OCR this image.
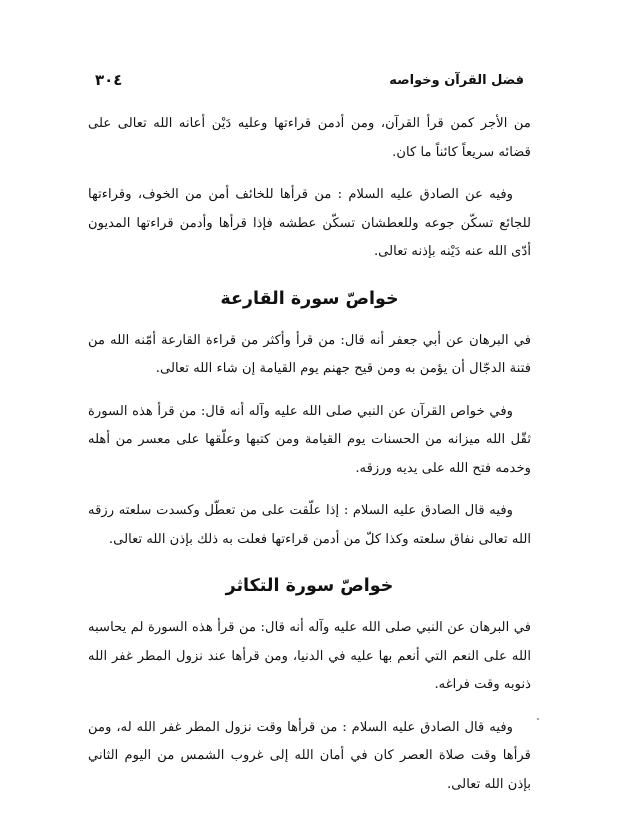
٣٠٤	فضل القرآن وخواصه

من الأجر كمن قرأ القرآن، ومن أدمن قراءتها وعليه دَيْن أعانه الله تعالى على قضائه سريعاً كائناً ما كان.

وفيه عن الصادق عليه السلام : من قرأها للخائف أمن من الخوف، وقراءتها للجائع تسكّن جوعه وللعطشان تسكّن عطشه فإذا قرأها وأدمن قراءتها المديون أدّى الله عنه دَيْنه بإذنه تعالى.

خواصّ سورة القارعة

في البرهان عن أبي جعفر أنه قال: من قرأ وأكثر من قراءة القارعة أمّنه الله من فتنة الدجّال أن يؤمن به ومن قيح جهنم يوم القيامة إن شاء الله تعالى.

وفي خواص القرآن عن النبي صلى الله عليه وآله أنه قال: من قرأ هذه السورة ثقّل الله ميزانه من الحسنات يوم القيامة ومن كتبها وعلّقها على معسر من أهله وخدمه فتح الله على يديه ورزقه.

وفيه قال الصادق عليه السلام : إذا علّقت على من تعطّل وكسدت سلعته رزقه الله تعالى نفاق سلعته وكذا كلّ من أدمن قراءتها فعلت به ذلك بإذن الله تعالى.

خواصّ سورة التكاثر

في البرهان عن النبي صلى الله عليه وآله أنه قال: من قرأ هذه السورة لم يحاسبه الله على النعم التي أنعم بها عليه في الدنيا، ومن قرأها عند نزول المطر غفر الله ذنوبه وقت فراغه.

وفيه قال الصادق عليه السلام : من قرأها وقت نزول المطر غفر الله له، ومن قرأها وقت صلاة العصر كان في أمان الله إلى غروب الشمس من اليوم الثاني بإذن الله تعالى.
